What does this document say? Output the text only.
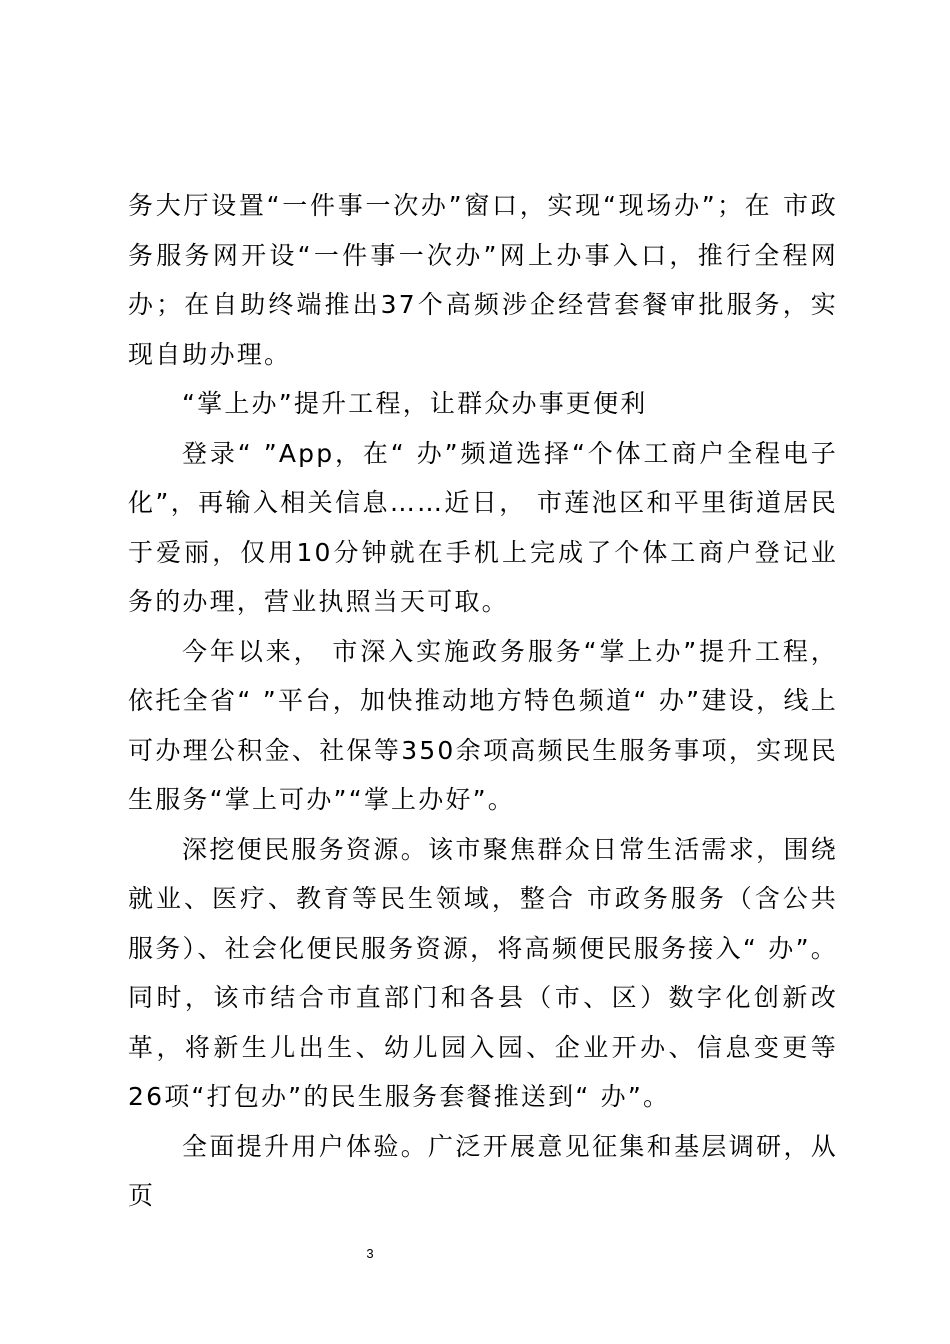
务大厅设置“一件事一次办”窗口，实现“现场办”；在 市政务服务网开设“一件事一次办”网上办事入口，推行全程网办；在自助终端推出37个高频涉企经营套餐审批服务，实现自助办理。

“掌上办”提升工程，让群众办事更便利

登录“ ”App，在“ 办”频道选择“个体工商户全程电子化”，再输入相关信息……近日， 市莲池区和平里街道居民于爱丽，仅用10分钟就在手机上完成了个体工商户登记业务的办理，营业执照当天可取。

今年以来， 市深入实施政务服务“掌上办”提升工程，依托全省“ ”平台，加快推动地方特色频道“ 办”建设，线上可办理公积金、社保等350余项高频民生服务事项，实现民生服务“掌上可办”“掌上办好”。

深挖便民服务资源。该市聚焦群众日常生活需求，围绕就业、医疗、教育等民生领域，整合 市政务服务（含公共服务）、社会化便民服务资源，将高频便民服务接入“ 办”。同时，该市结合市直部门和各县（市、区）数字化创新改革，将新生儿出生、幼儿园入园、企业开办、信息变更等26项“打包办”的民生服务套餐推送到“ 办”。

全面提升用户体验。广泛开展意见征集和基层调研，从页

3
